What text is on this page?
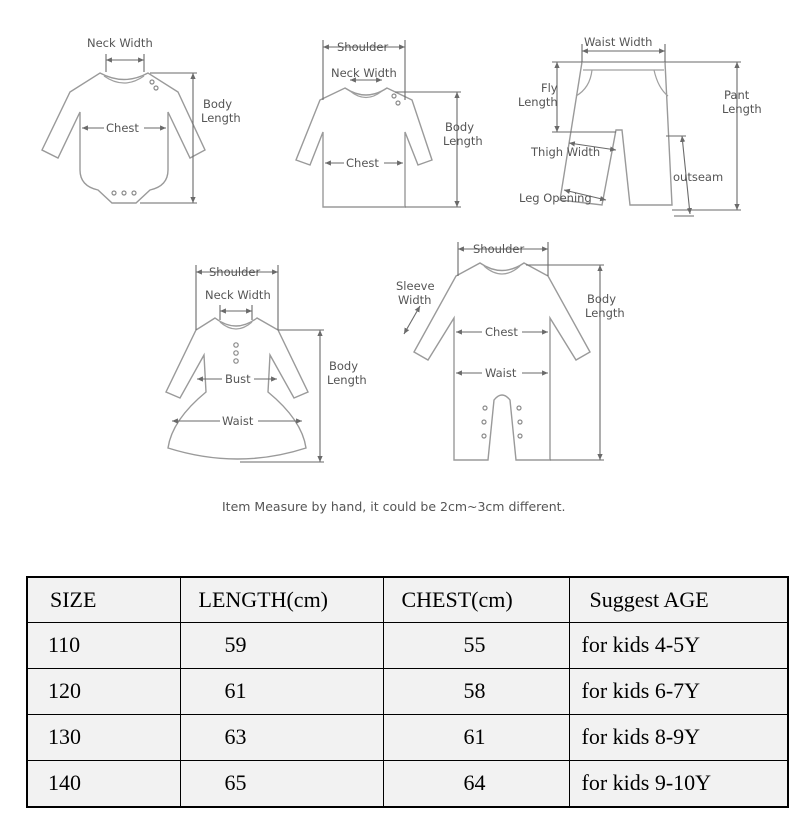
Neck Width
Chest
Body
Length
Shoulder
Neck Width
Chest
Body
Length
Waist Width
Fly
Length	Pant
Length
Thigh Width
outseam
Leg Opening
Shoulder
Neck Width
Bust
Waist
Body
Length
Shoulder
Sleeve
Width
Chest
Waist
Body
Length
Item Measure by hand, it could be 2cm~3cm different.
SIZE	LENGTH(cm)	CHEST(cm)	Suggest AGE
110	59	55	for kids 4-5Y
120	61	58	for kids 6-7Y
130	63	61	for kids 8-9Y
140	65	64	for kids 9-10Y
